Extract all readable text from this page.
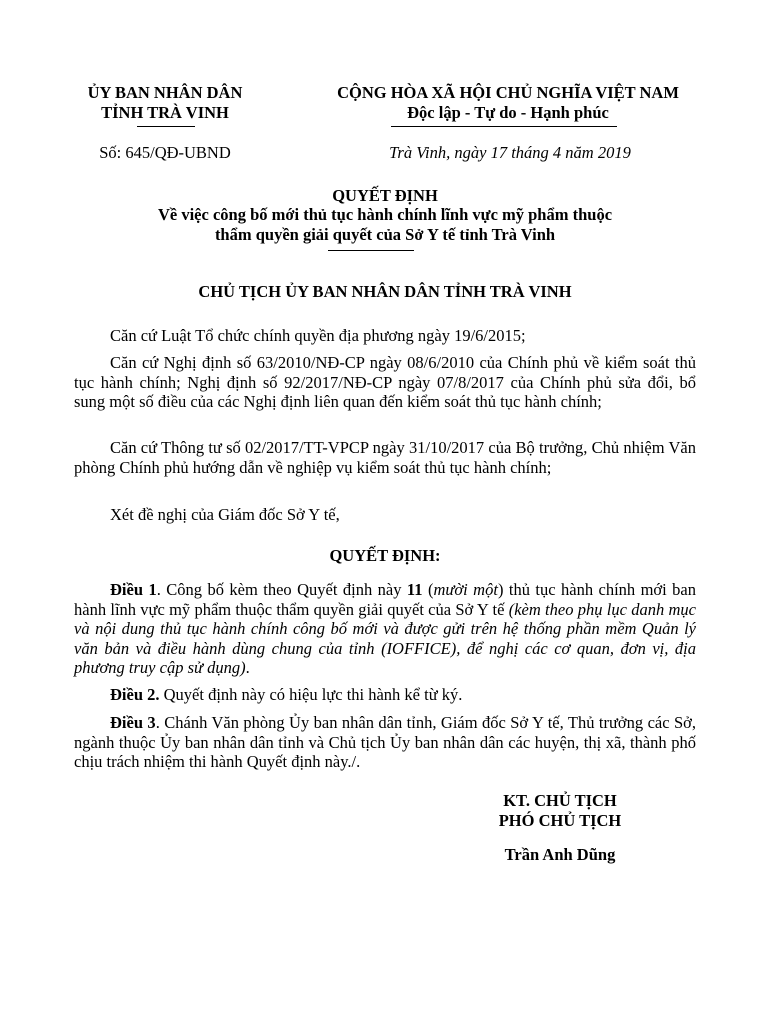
ỦY BAN NHÂN DÂN
TỈNH TRÀ VINH
Số: 645/QĐ-UBND
CỘNG HÒA XÃ HỘI CHỦ NGHĨA VIỆT NAM
Độc lập - Tự do - Hạnh phúc
Trà Vinh, ngày 17 tháng 4 năm 2019
QUYẾT ĐỊNH
Về việc công bố mới thủ tục hành chính lĩnh vực mỹ phẩm thuộc
thẩm quyền giải quyết của Sở Y tế tỉnh Trà Vinh
CHỦ TỊCH ỦY BAN NHÂN DÂN TỈNH TRÀ VINH

Căn cứ Luật Tổ chức chính quyền địa phương ngày 19/6/2015;

Căn cứ Nghị định số 63/2010/NĐ-CP ngày 08/6/2010 của Chính phủ về kiểm soát thủ tục hành chính; Nghị định số 92/2017/NĐ-CP ngày 07/8/2017 của Chính phủ sửa đổi, bổ sung một số điều của các Nghị định liên quan đến kiểm soát thủ tục hành chính;

Căn cứ Thông tư số 02/2017/TT-VPCP ngày 31/10/2017 của Bộ trưởng, Chủ nhiệm Văn phòng Chính phủ hướng dẫn về nghiệp vụ kiểm soát thủ tục hành chính;

Xét đề nghị của Giám đốc Sở Y tế,

QUYẾT ĐỊNH:

Điều 1. Công bố kèm theo Quyết định này 11 (mười một) thủ tục hành chính mới ban hành lĩnh vực mỹ phẩm thuộc thẩm quyền giải quyết của Sở Y tế (kèm theo phụ lục danh mục và nội dung thủ tục hành chính công bố mới và được gửi trên hệ thống phần mềm Quản lý văn bản và điều hành dùng chung của tỉnh (IOFFICE), để nghị các cơ quan, đơn vị, địa phương truy cập sử dụng).

Điều 2. Quyết định này có hiệu lực thi hành kể từ ký.

Điều 3. Chánh Văn phòng Ủy ban nhân dân tỉnh, Giám đốc Sở Y tế, Thủ trưởng các Sở, ngành thuộc Ủy ban nhân dân tỉnh và Chủ tịch Ủy ban nhân dân các huyện, thị xã, thành phố chịu trách nhiệm thi hành Quyết định này./.

KT. CHỦ TỊCH
PHÓ CHỦ TỊCH
Trần Anh Dũng
